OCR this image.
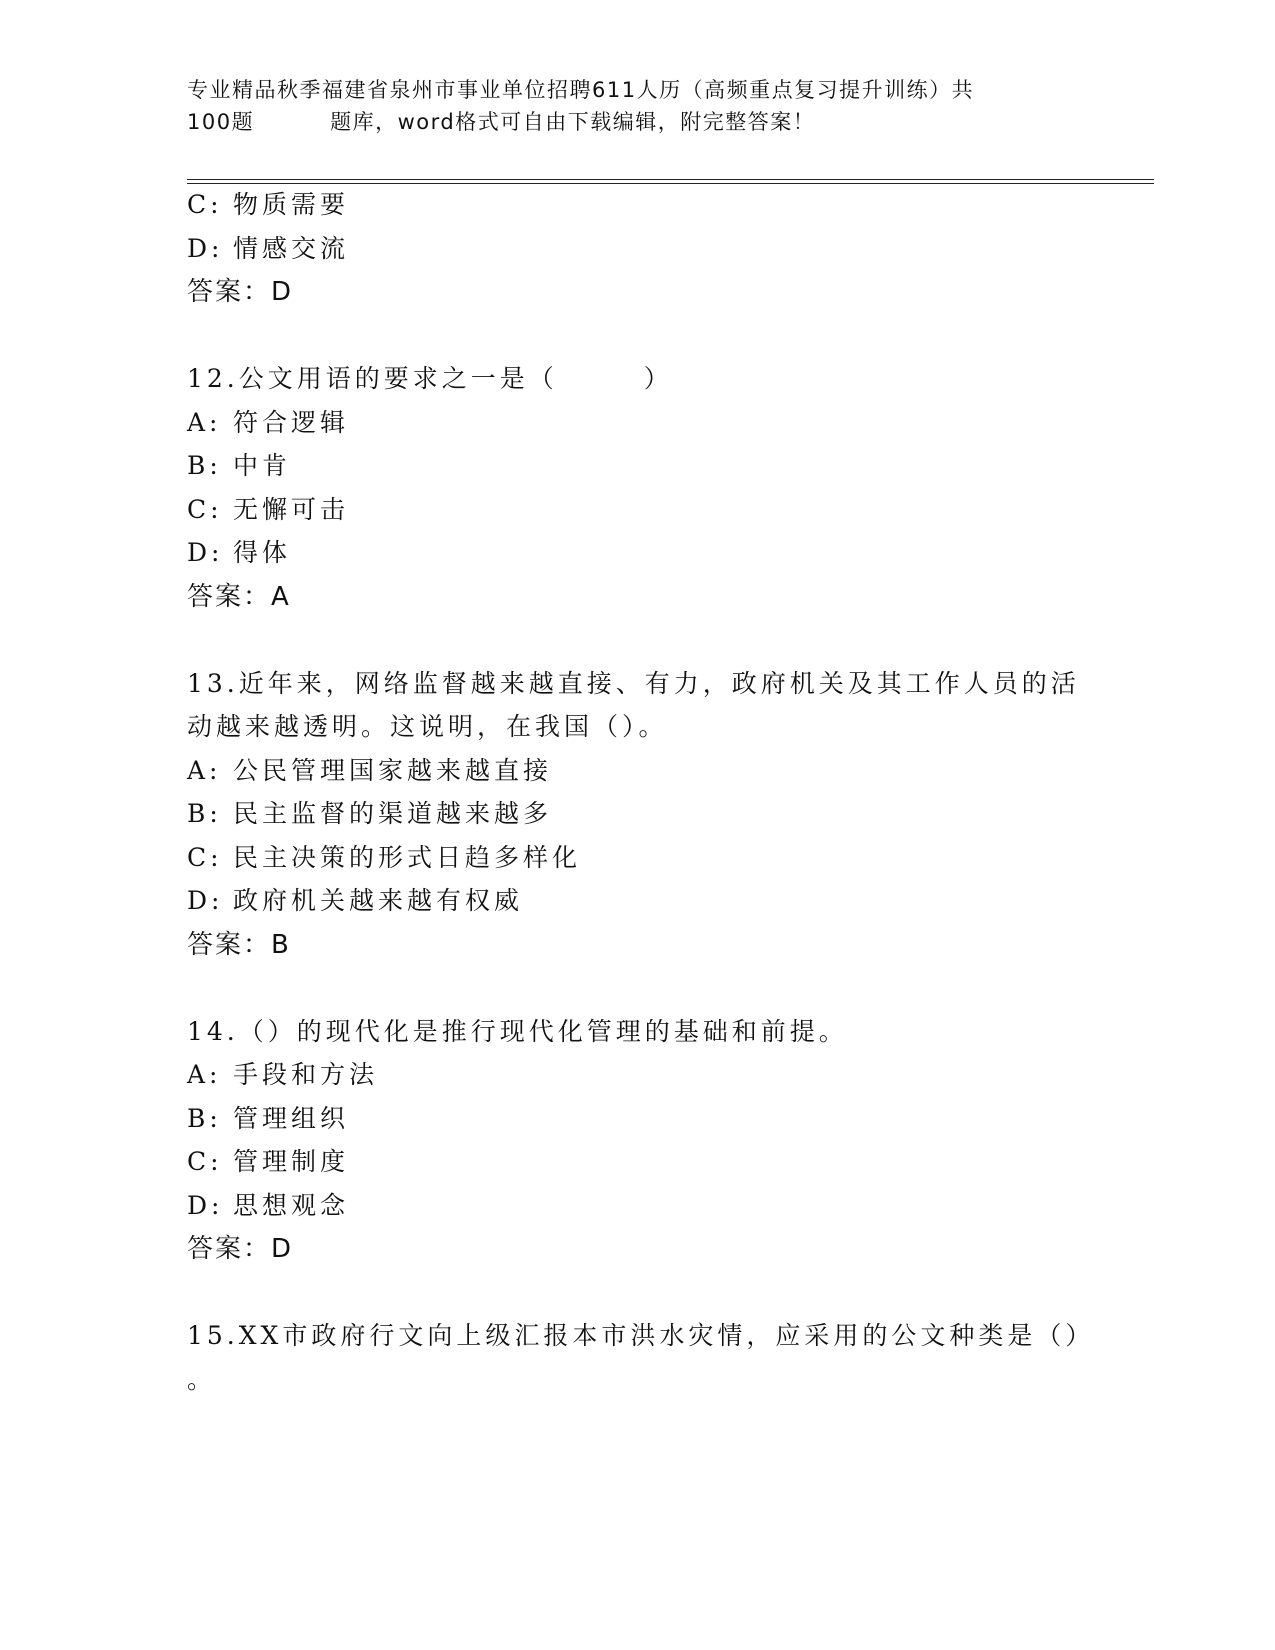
专业精品秋季福建省泉州市事业单位招聘611人历（高频重点复习提升训练）共
100题	题库，word格式可自由下载编辑，附完整答案！
C: 物质需要
D: 情感交流
答案：D
12.公文用语的要求之一是（	）
A: 符合逻辑
B: 中肯
C: 无懈可击
D: 得体
答案：A
13.近年来，网络监督越来越直接、有力，政府机关及其工作人员的活
动越来越透明。这说明，在我国（）。
A: 公民管理国家越来越直接
B: 民主监督的渠道越来越多
C: 民主决策的形式日趋多样化
D: 政府机关越来越有权威
答案：B
14.（）的现代化是推行现代化管理的基础和前提。
A: 手段和方法
B: 管理组织
C: 管理制度
D: 思想观念
答案：D
15.XX市政府行文向上级汇报本市洪水灾情，应采用的公文种类是（）
。
